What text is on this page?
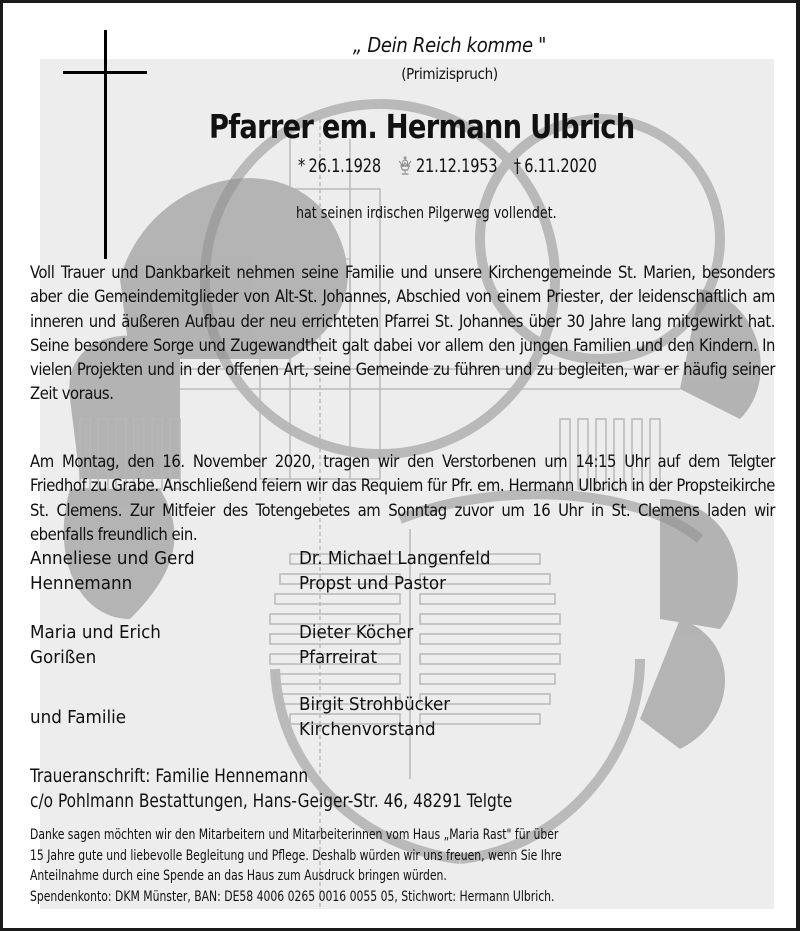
„ Dein Reich komme "
(Primizispruch)
Pfarrer em. Hermann Ulbrich
* 26.1.1928 21.12.1953 † 6.11.2020
hat seinen irdischen Pilgerweg vollendet.
Voll Trauer und Dankbarkeit nehmen seine Familie und unsere Kirchengemeinde St. Marien, besonders aber die Gemeindemitglieder von Alt-St. Johannes, Abschied von einem Priester, der leidenschaftlich am inneren und äußeren Aufbau der neu errichteten Pfarrei St. Johannes über 30 Jahre lang mitgewirkt hat. Seine besondere Sorge und Zugewandtheit galt dabei vor allem den jungen Familien und den Kindern. In vielen Projekten und in der offenen Art, seine Gemeinde zu führen und zu begleiten, war er häufig seiner Zeit voraus.
Am Montag, den 16. November 2020, tragen wir den Verstorbenen um 14:15 Uhr auf dem Telgter Friedhof zu Grabe. Anschließend feiern wir das Requiem für Pfr. em. Hermann Ulbrich in der Propsteikirche St. Clemens. Zur Mitfeier des Totengebetes am Sonntag zuvor um 16 Uhr in St. Clemens laden wir ebenfalls freundlich ein.
Anneliese und Gerd
Hennemann
Maria und Erich
Gorißen
und Familie
Dr. Michael Langenfeld
Propst und Pastor
Dieter Köcher
Pfarreirat
Birgit Strohbücker
Kirchenvorstand
Traueranschrift: Familie Hennemann
c/o Pohlmann Bestattungen, Hans-Geiger-Str. 46, 48291 Telgte
Danke sagen möchten wir den Mitarbeitern und Mitarbeiterinnen vom Haus „Maria Rast" für über
15 Jahre gute und liebevolle Begleitung und Pflege. Deshalb würden wir uns freuen, wenn Sie Ihre
Anteilnahme durch eine Spende an das Haus zum Ausdruck bringen würden.
Spendenkonto: DKM Münster, BAN: DE58 4006 0265 0016 0055 05, Stichwort: Hermann Ulbrich.
